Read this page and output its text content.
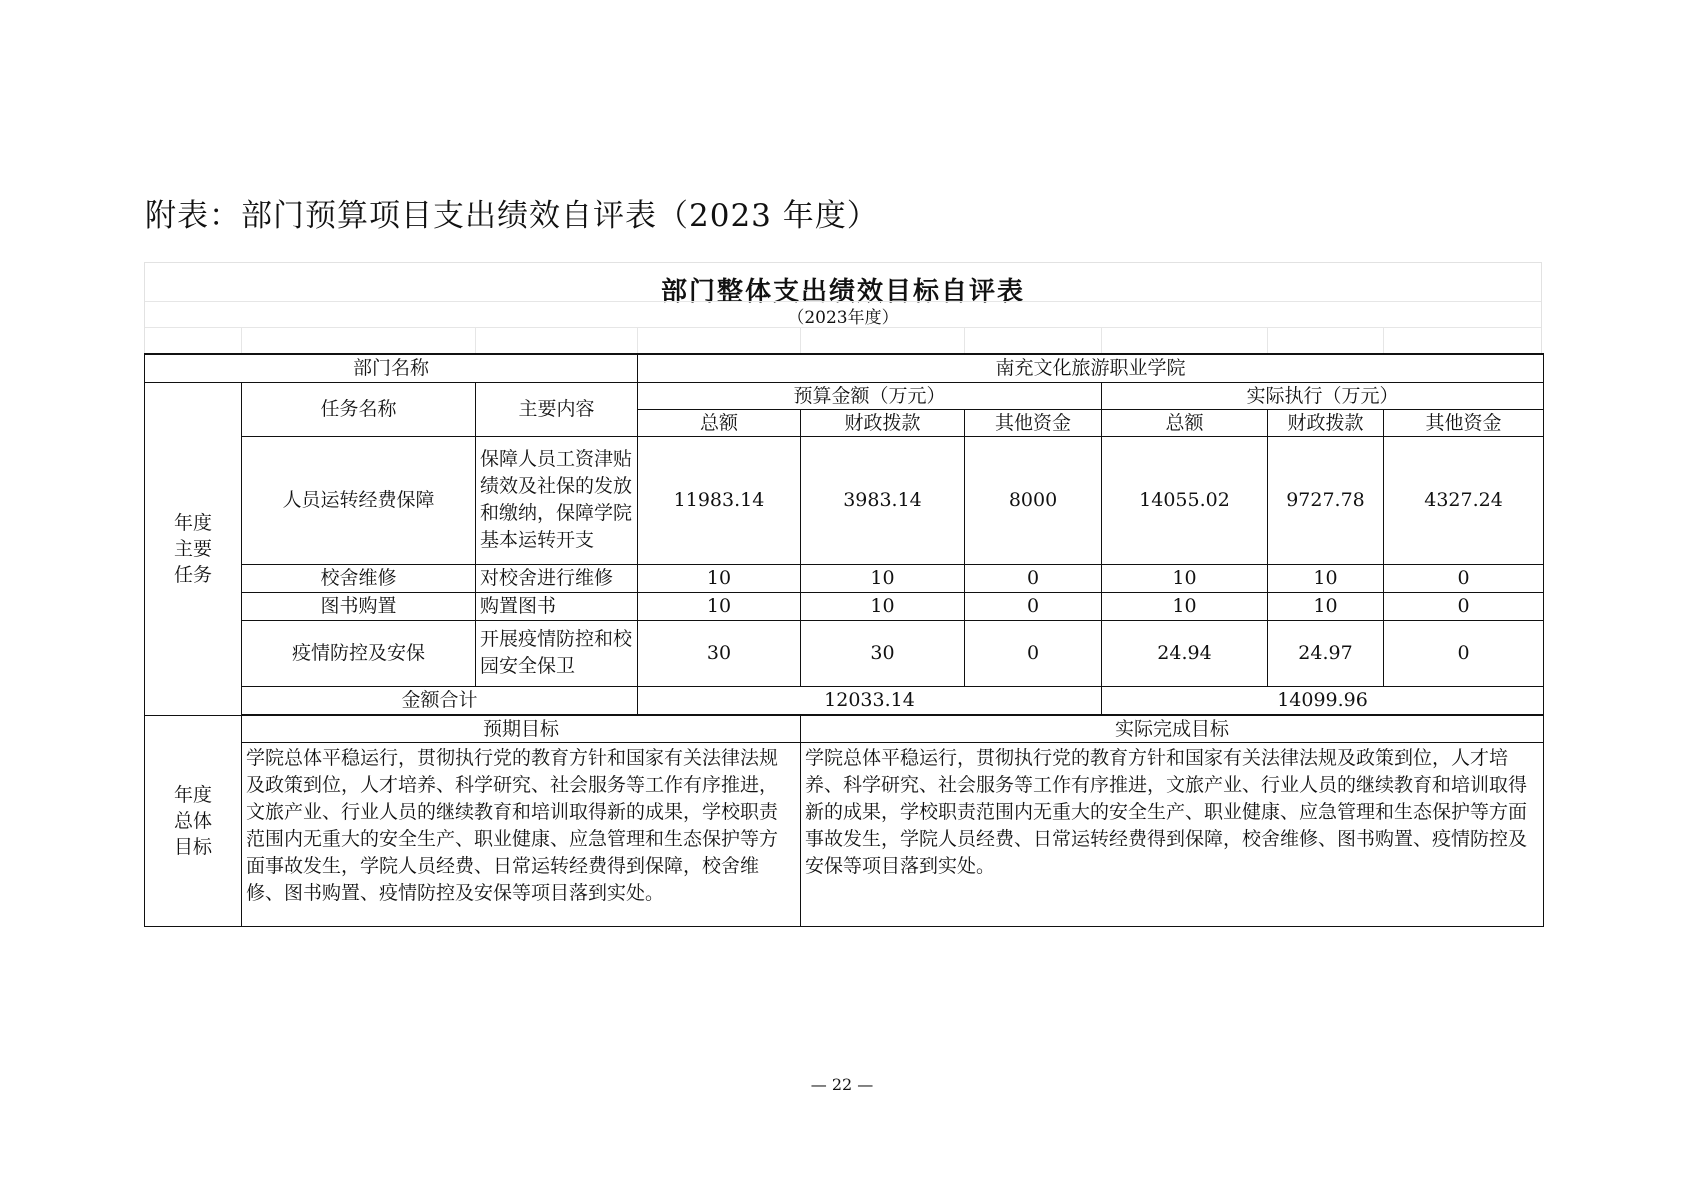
附表：部门预算项目支出绩效自评表（2023 年度）
部门整体支出绩效目标自评表
（2023年度）
部门名称			南充文化旅游职业学院					
年度
主要
任务	任务名称	主要内容	预算金额（万元）			实际执行（万元）		
			总额	财政拨款	其他资金	总额	财政拨款	其他资金
	人员运转经费保障	保障人员工资津贴绩效及社保的发放和缴纳，保障学院基本运转开支	11983.14	3983.14	8000	14055.02	9727.78	4327.24
	校舍维修	对校舍进行维修	10	10	0	10	10	0
	图书购置	购置图书	10	10	0	10	10	0
	疫情防控及安保	开展疫情防控和校园安全保卫	30	30	0	24.94	24.97	0
	金额合计		12033.14			14099.96		

年度
总体
目标	预期目标			实际完成目标				
	学院总体平稳运行，贯彻执行党的教育方针和国家有关法律法规及政策到位，人才培养、科学研究、社会服务等工作有序推进，文旅产业、行业人员的继续教育和培训取得新的成果，学校职责范围内无重大的安全生产、职业健康、应急管理和生态保护等方面事故发生，学院人员经费、日常运转经费得到保障，校舍维修、图书购置、疫情防控及安保等项目落到实处。			学院总体平稳运行，贯彻执行党的教育方针和国家有关法律法规及政策到位，人才培养、科学研究、社会服务等工作有序推进，文旅产业、行业人员的继续教育和培训取得新的成果，学校职责范围内无重大的安全生产、职业健康、应急管理和生态保护等方面事故发生，学院人员经费、日常运转经费得到保障，校舍维修、图书购置、疫情防控及安保等项目落到实处。				
— 22 —
